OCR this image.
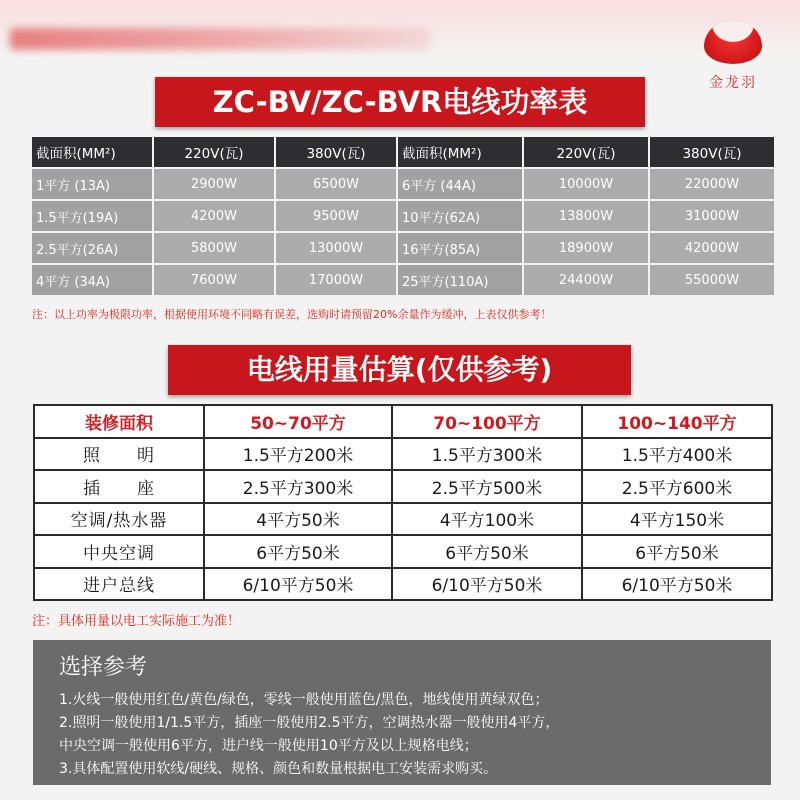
金龙羽
ZC-BV/ZC-BVR电线功率表
截面积(MM²)	220V(瓦)	380V(瓦)	截面积(MM²)	220V(瓦)	380V(瓦)
1平方 (13A)	2900W	6500W	6平方 (44A)	10000W	22000W
1.5平方(19A)	4200W	9500W	10平方(62A)	13800W	31000W
2.5平方(26A)	5800W	13000W	16平方(85A)	18900W	42000W
4平方 (34A)	7600W	17000W	25平方(110A)	24400W	55000W
注：以上功率为极限功率，根据使用环境不同略有误差，选购时请预留20%余量作为缓冲，上表仅供参考！
电线用量估算(仅供参考)
装修面积	50~70平方	70~100平方	100~140平方
照　　明	1.5平方200米	1.5平方300米	1.5平方400米
插　　座	2.5平方300米	2.5平方500米	2.5平方600米
空调/热水器	4平方50米	4平方100米	4平方150米
中央空调	6平方50米	6平方50米	6平方50米
进户总线	6/10平方50米	6/10平方50米	6/10平方50米
注：具体用量以电工实际施工为准！
选择参考
1.火线一般使用红色/黄色/绿色，零线一般使用蓝色/黑色，地线使用黄绿双色；
2.照明一般使用1/1.5平方，插座一般使用2.5平方，空调热水器一般使用4平方，
中央空调一般使用6平方，进户线一般使用10平方及以上规格电线；
3.具体配置使用软线/硬线、规格、颜色和数量根据电工安装需求购买。
